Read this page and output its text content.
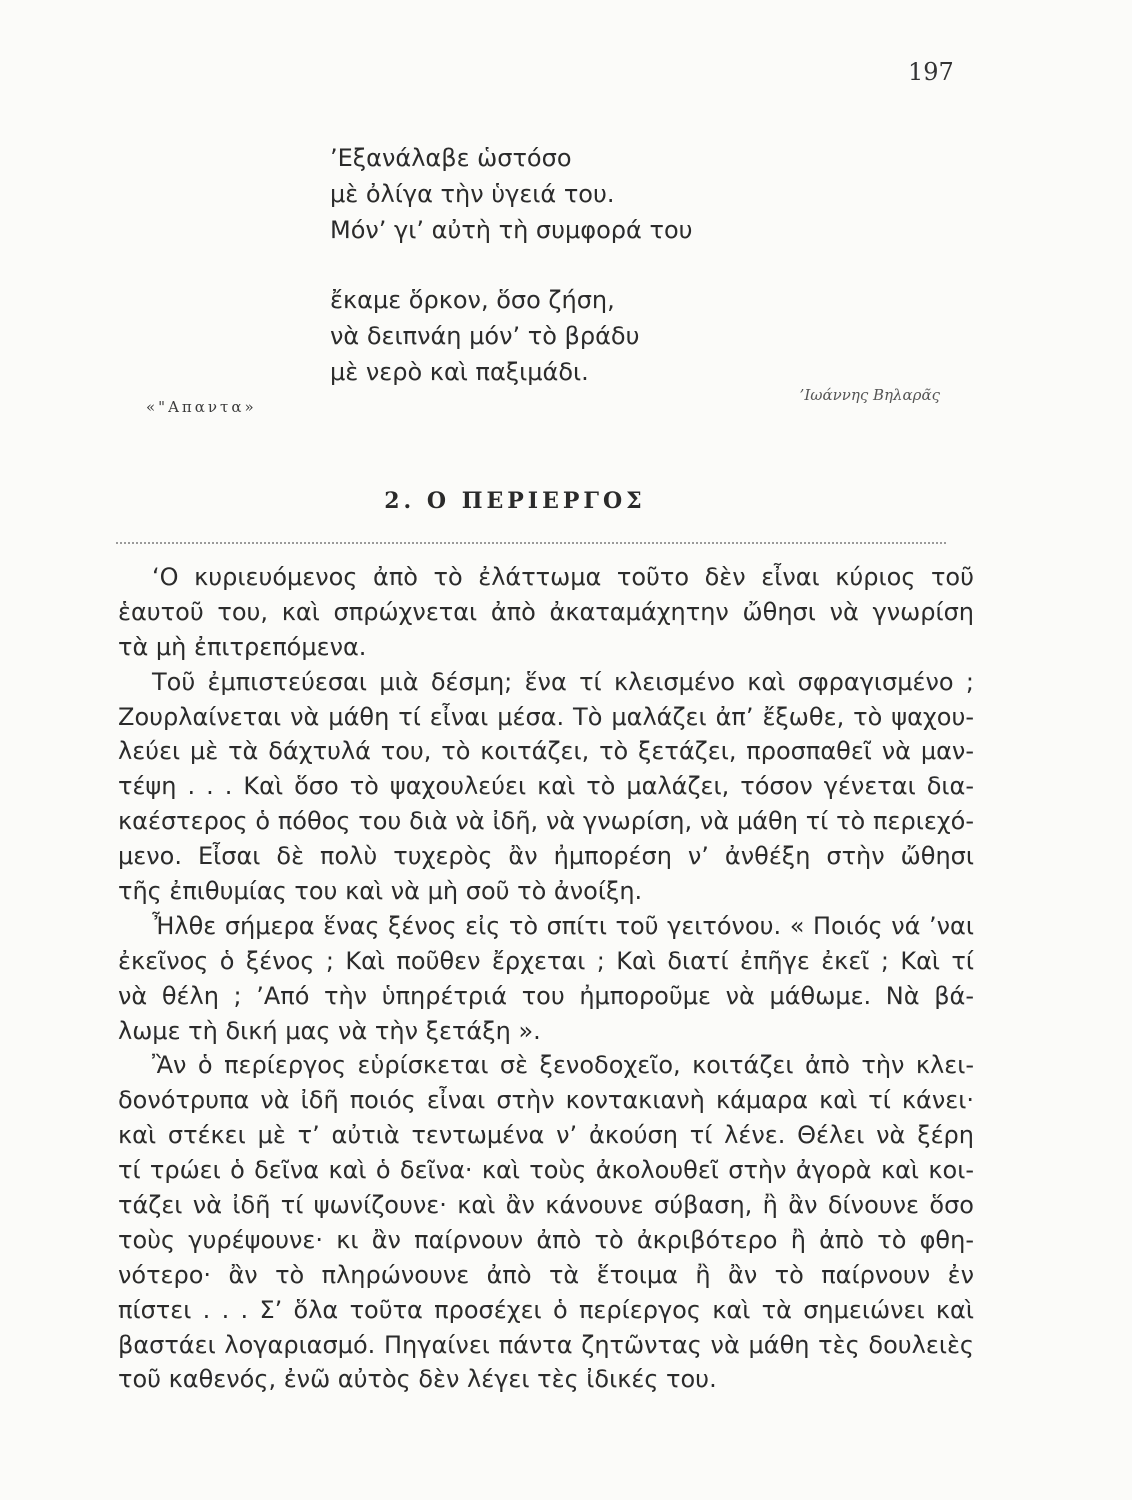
197
’Εξανάλαβε ὡστόσο
μὲ ὀλίγα τὴν ὑγειά του.
Μόν’ γι’ αὐτὴ τὴ συμφορά του
ἔκαμε ὅρκον, ὅσο ζήση,
νὰ δειπνάη μόν’ τὸ βράδυ
μὲ νερὸ καὶ παξιμάδι.
«"Απαντα»
’Ιωάννης Βηλαρᾶς
2. Ο ΠΕΡΙΕΡΓΟΣ
‘Ο κυριευόμενος ἀπὸ τὸ ἐλάττωμα τοῦτο δὲν εἶναι κύριος τοῦ
ἑαυτοῦ του, καὶ σπρώχνεται ἀπὸ ἀκαταμάχητην ὤθησι νὰ γνωρίση
τὰ μὴ ἐπιτρεπόμενα.
Τοῦ ἐμπιστεύεσαι μιὰ δέσμη; ἕνα τί κλεισμένο καὶ σφραγισμένο ;
Ζουρλαίνεται νὰ μάθη τί εἶναι μέσα. Τὸ μαλάζει ἀπ’ ἔξωθε, τὸ ψαχου-
λεύει μὲ τὰ δάχτυλά του, τὸ κοιτάζει, τὸ ξετάζει, προσπαθεῖ νὰ μαν-
τέψη . . . Καὶ ὅσο τὸ ψαχουλεύει καὶ τὸ μαλάζει, τόσον γένεται δια-
καέστερος ὁ πόθος του διὰ νὰ ἰδῆ, νὰ γνωρίση, νὰ μάθη τί τὸ περιεχό-
μενο. Εἶσαι δὲ πολὺ τυχερὸς ἂν ἠμπορέση ν’ ἀνθέξη στὴν ὤθησι
τῆς ἐπιθυμίας του καὶ νὰ μὴ σοῦ τὸ ἀνοίξη.
Ἦλθε σήμερα ἕνας ξένος εἰς τὸ σπίτι τοῦ γειτόνου. « Ποιός νά ’ναι
ἐκεῖνος ὁ ξένος ; Καὶ ποῦθεν ἔρχεται ; Καὶ διατί ἐπῆγε ἐκεῖ ; Καὶ τί
νὰ θέλη ; ’Από τὴν ὑπηρέτριά του ἠμποροῦμε νὰ μάθωμε. Νὰ βά-
λωμε τὴ δική μας νὰ τὴν ξετάξη ».
Ἂν ὁ περίεργος εὑρίσκεται σὲ ξενοδοχεῖο, κοιτάζει ἀπὸ τὴν κλει-
δονότρυπα νὰ ἰδῆ ποιός εἶναι στὴν κοντακιανὴ κάμαρα καὶ τί κάνει·
καὶ στέκει μὲ τ’ αὐτιὰ τεντωμένα ν’ ἀκούση τί λένε. Θέλει νὰ ξέρη
τί τρώει ὁ δεῖνα καὶ ὁ δεῖνα· καὶ τοὺς ἀκολουθεῖ στὴν ἀγορὰ καὶ κοι-
τάζει νὰ ἰδῆ τί ψωνίζουνε· καὶ ἂν κάνουνε σύβαση, ἢ ἂν δίνουνε ὅσο
τοὺς γυρέψουνε· κι ἂν παίρνουν ἀπὸ τὸ ἀκριβότερο ἢ ἀπὸ τὸ φθη-
νότερο· ἂν τὸ πληρώνουνε ἀπὸ τὰ ἕτοιμα ἢ ἂν τὸ παίρνουν ἐν
πίστει . . . Σ’ ὅλα τοῦτα προσέχει ὁ περίεργος καὶ τὰ σημειώνει καὶ
βαστάει λογαριασμό. Πηγαίνει πάντα ζητῶντας νὰ μάθη τὲς δουλειὲς
τοῦ καθενός, ἐνῶ αὐτὸς δὲν λέγει τὲς ἰδικές του.
